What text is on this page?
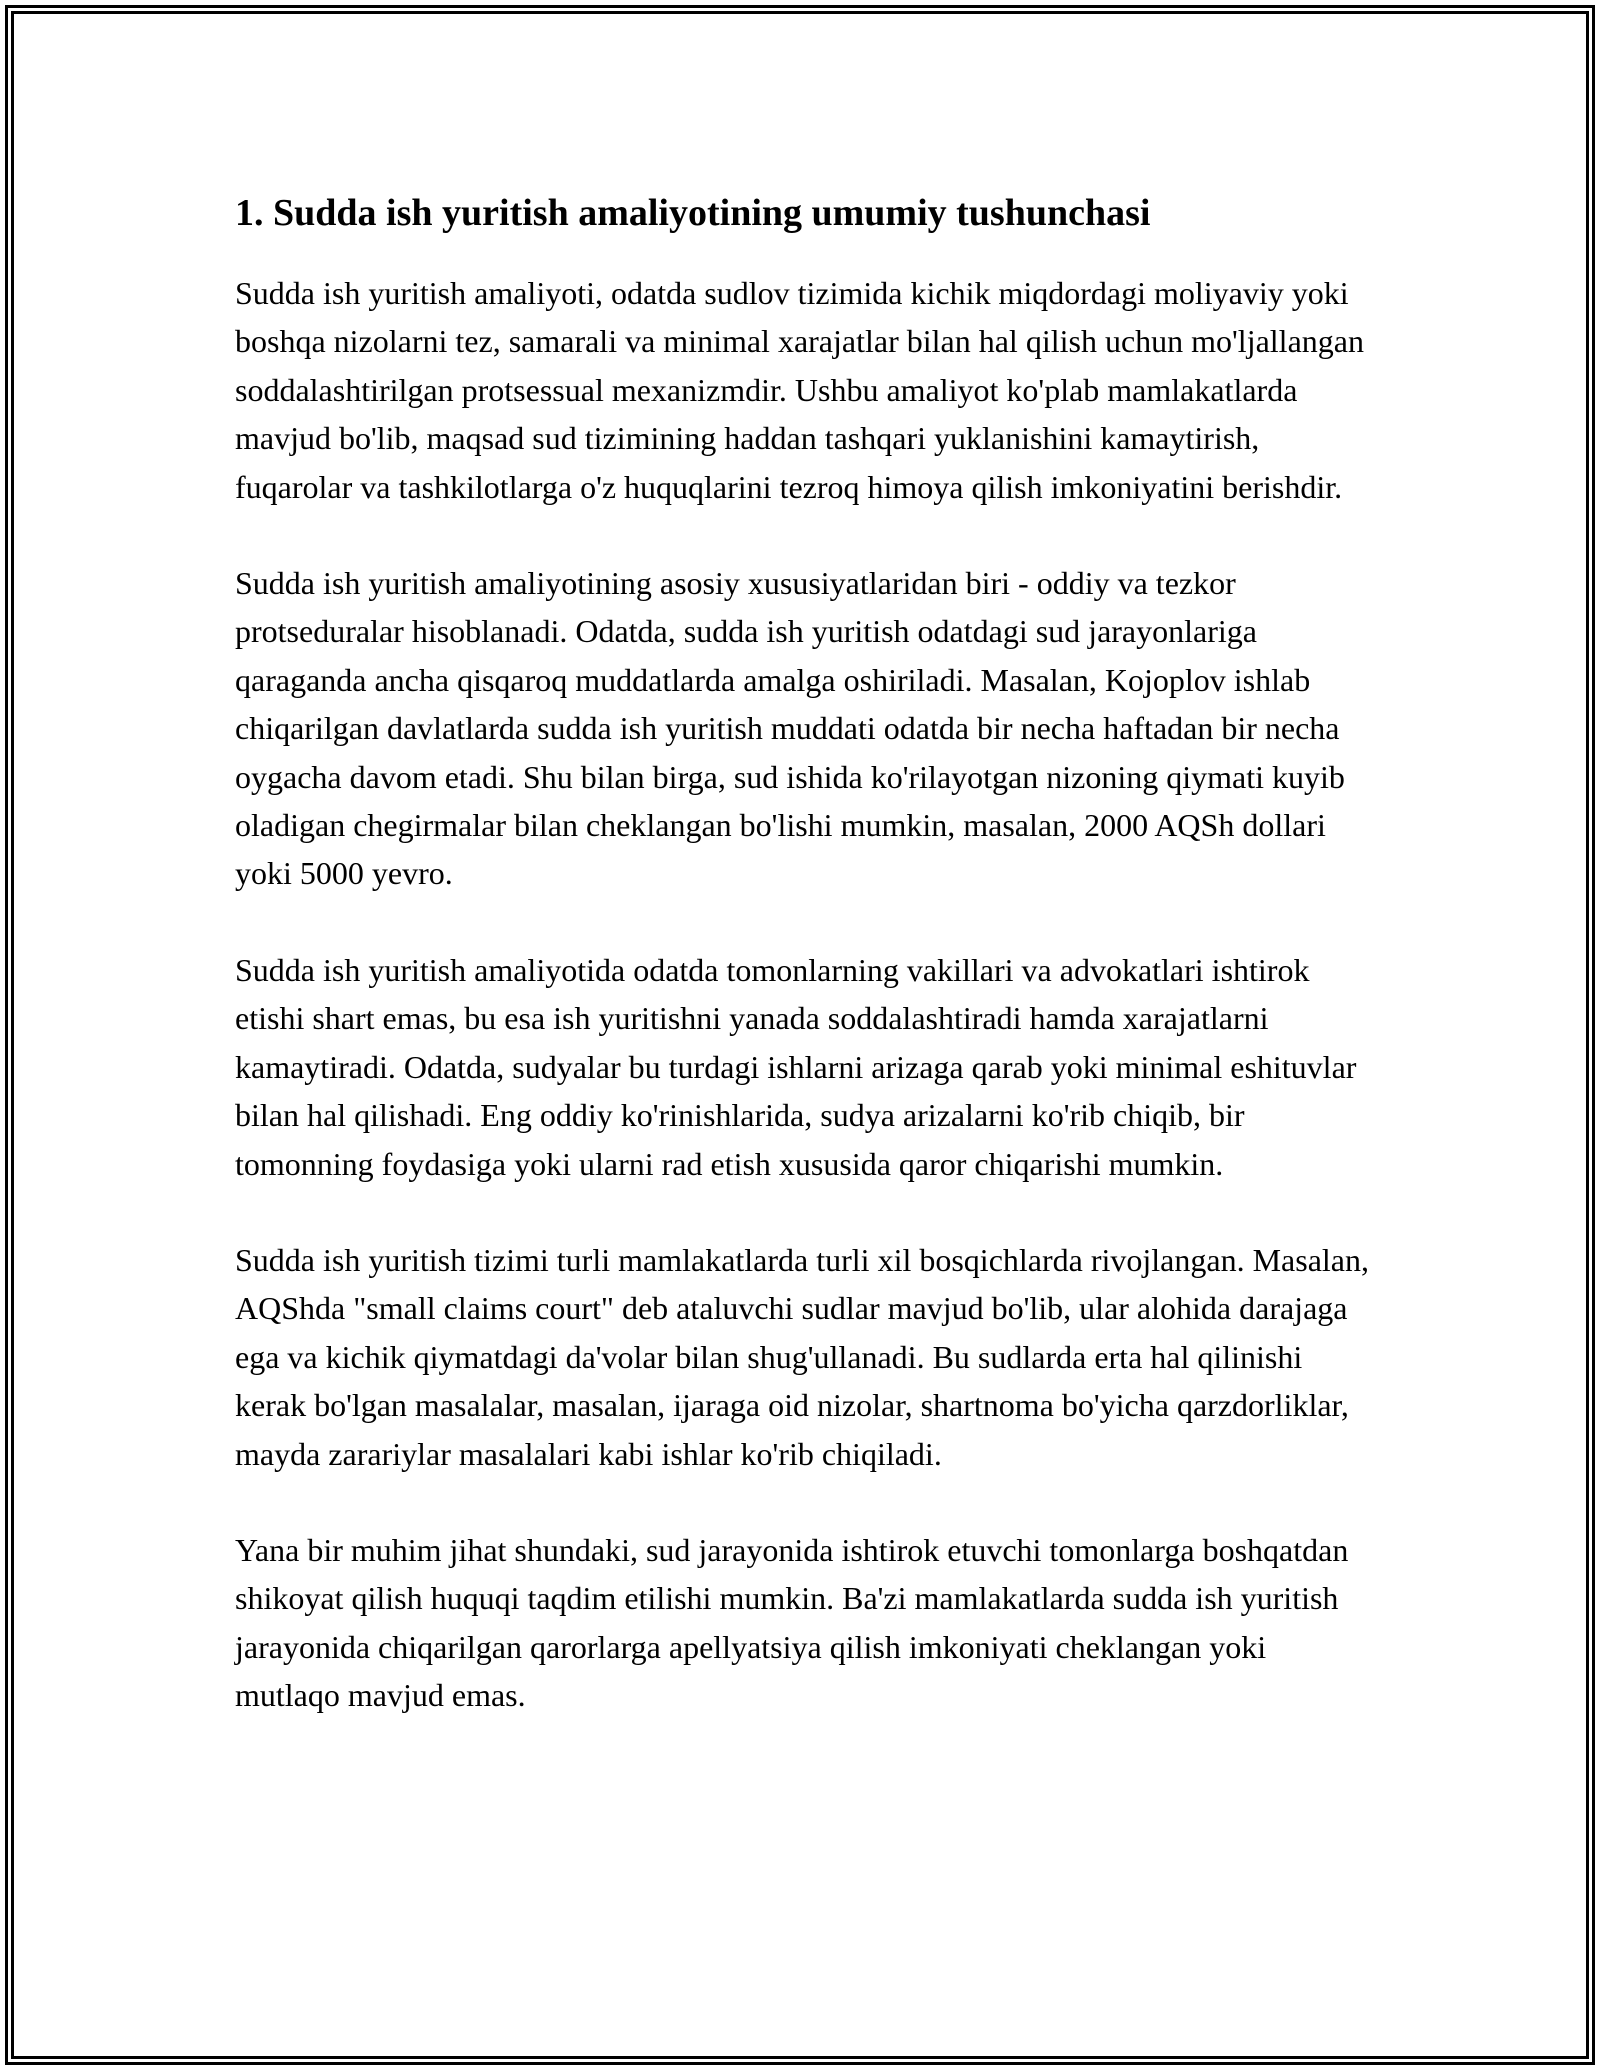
1. Sudda ish yuritish amaliyotining umumiy tushunchasi

Sudda ish yuritish amaliyoti, odatda sudlov tizimida kichik miqdordagi moliyaviy yoki boshqa nizolarni tez, samarali va minimal xarajatlar bilan hal qilish uchun mo'ljallangan soddalashtirilgan protsessual mexanizmdir. Ushbu amaliyot ko'plab mamlakatlarda mavjud bo'lib, maqsad sud tizimining haddan tashqari yuklanishini kamaytirish, fuqarolar va tashkilotlarga o'z huquqlarini tezroq himoya qilish imkoniyatini berishdir.

Sudda ish yuritish amaliyotining asosiy xususiyatlaridan biri - oddiy va tezkor protseduralar hisoblanadi. Odatda, sudda ish yuritish odatdagi sud jarayonlariga qaraganda ancha qisqaroq muddatlarda amalga oshiriladi. Masalan, Kojoplov ishlab chiqarilgan davlatlarda sudda ish yuritish muddati odatda bir necha haftadan bir necha oygacha davom etadi. Shu bilan birga, sud ishida ko'rilayotgan nizoning qiymati kuyib oladigan chegirmalar bilan cheklangan bo'lishi mumkin, masalan, 2000 AQSh dollari yoki 5000 yevro.

Sudda ish yuritish amaliyotida odatda tomonlarning vakillari va advokatlari ishtirok etishi shart emas, bu esa ish yuritishni yanada soddalashtiradi hamda xarajatlarni kamaytiradi. Odatda, sudyalar bu turdagi ishlarni arizaga qarab yoki minimal eshituvlar bilan hal qilishadi. Eng oddiy ko'rinishlarida, sudya arizalarni ko'rib chiqib, bir tomonning foydasiga yoki ularni rad etish xususida qaror chiqarishi mumkin.

Sudda ish yuritish tizimi turli mamlakatlarda turli xil bosqichlarda rivojlangan. Masalan, AQShda "small claims court" deb ataluvchi sudlar mavjud bo'lib, ular alohida darajaga ega va kichik qiymatdagi da'volar bilan shug'ullanadi. Bu sudlarda erta hal qilinishi kerak bo'lgan masalalar, masalan, ijaraga oid nizolar, shartnoma bo'yicha qarzdorliklar, mayda zarariylar masalalari kabi ishlar ko'rib chiqiladi.

Yana bir muhim jihat shundaki, sud jarayonida ishtirok etuvchi tomonlarga boshqatdan shikoyat qilish huquqi taqdim etilishi mumkin. Ba'zi mamlakatlarda sudda ish yuritish jarayonida chiqarilgan qarorlarga apellyatsiya qilish imkoniyati cheklangan yoki mutlaqo mavjud emas.
